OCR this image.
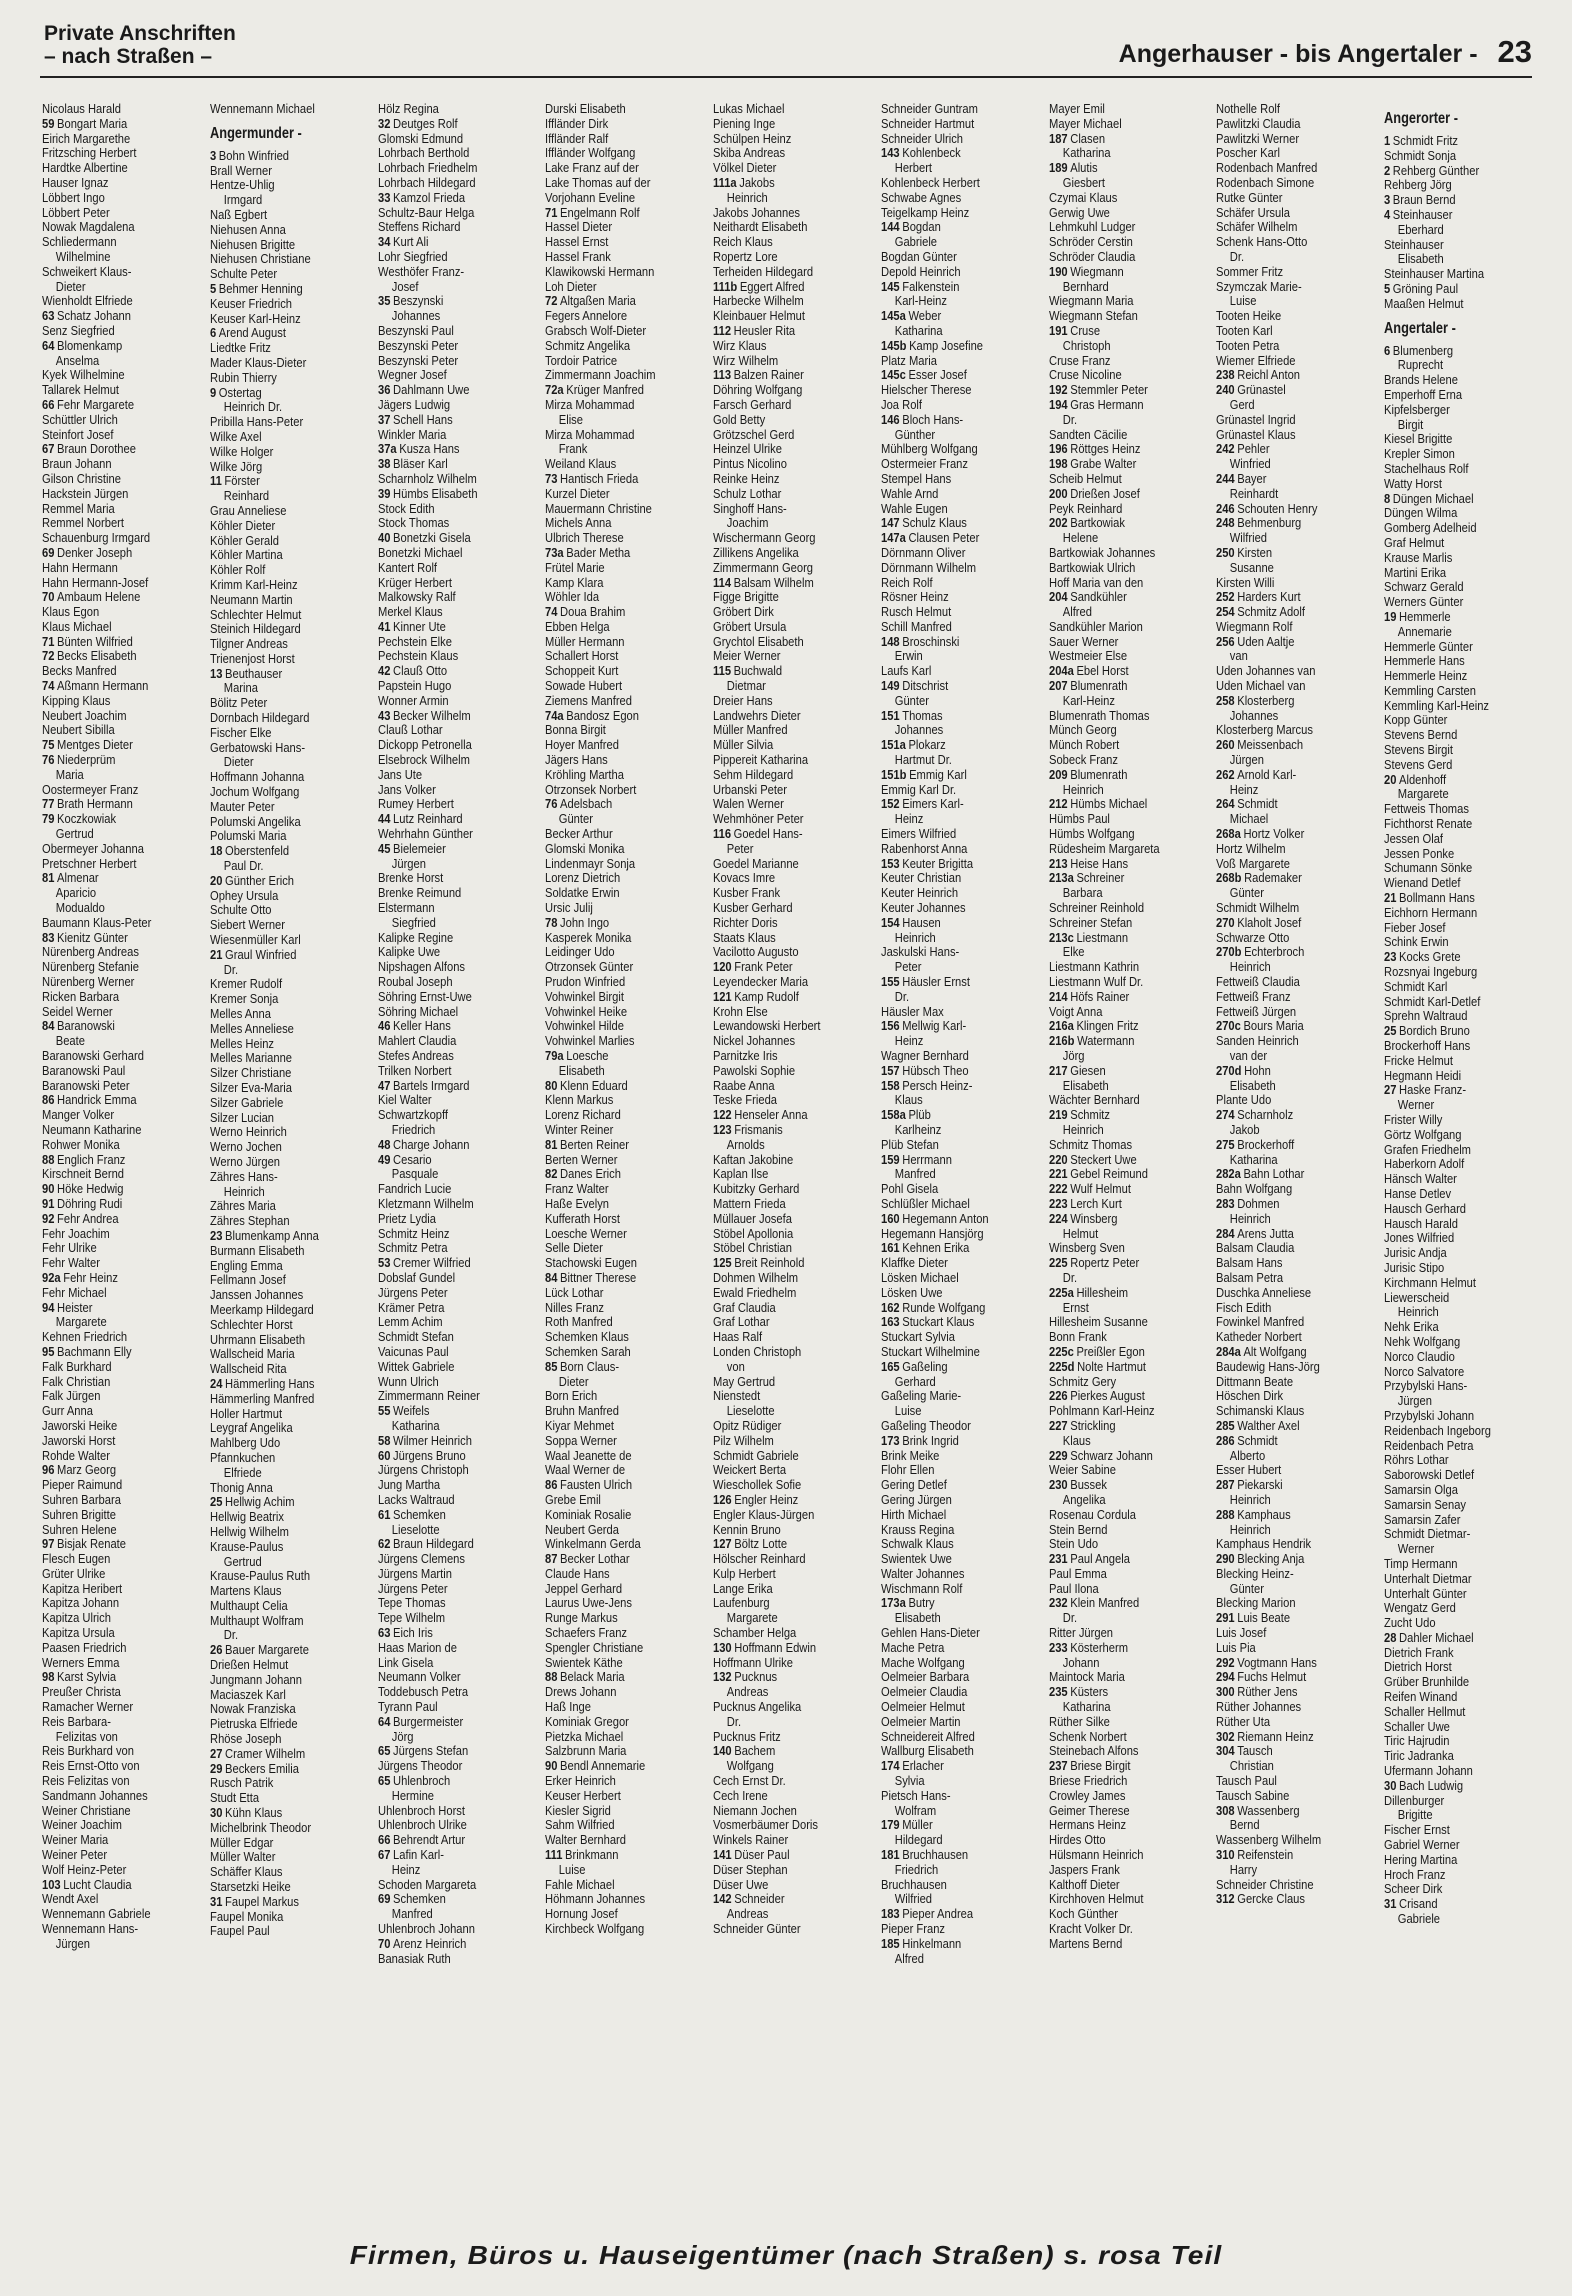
Private Anschriften
– nach Straßen –	Angerhauser - bis Angertaler - 23
Nicolaus Harald
59 Bongart Maria
Eirich Margarethe
Fritzsching Herbert
Hardtke Albertine
Hauser Ignaz
Löbbert Ingo
Löbbert Peter
Nowak Magdalena
Schliedermann
Wilhelmine
Schweikert Klaus-
Dieter
Wienholdt Elfriede
63 Schatz Johann
Senz Siegfried
64 Blomenkamp
Anselma
Kyek Wilhelmine
Tallarek Helmut
66 Fehr Margarete
Schüttler Ulrich
Steinfort Josef
67 Braun Dorothee
Braun Johann
Gilson Christine
Hackstein Jürgen
Remmel Maria
Remmel Norbert
Schauenburg Irmgard
69 Denker Joseph
Hahn Hermann
Hahn Hermann-Josef
70 Ambaum Helene
Klaus Egon
Klaus Michael
71 Bünten Wilfried
72 Becks Elisabeth
Becks Manfred
74 Aßmann Hermann
Kipping Klaus
Neubert Joachim
Neubert Sibilla
75 Mentges Dieter
76 Niederprüm
Maria
Oostermeyer Franz
77 Brath Hermann
79 Koczkowiak
Gertrud
Obermeyer Johanna
Pretschner Herbert
81 Almenar
Aparicio
Modualdo
Baumann Klaus-Peter
83 Kienitz Günter
Nürenberg Andreas
Nürenberg Stefanie
Nürenberg Werner
Ricken Barbara
Seidel Werner
84 Baranowski
Beate
Baranowski Gerhard
Baranowski Paul
Baranowski Peter
86 Handrick Emma
Manger Volker
Neumann Katharine
Rohwer Monika
88 Englich Franz
Kirschneit Bernd
90 Höke Hedwig
91 Döhring Rudi
92 Fehr Andrea
Fehr Joachim
Fehr Ulrike
Fehr Walter
92a Fehr Heinz
Fehr Michael
94 Heister
Margarete
Kehnen Friedrich
95 Bachmann Elly
Falk Burkhard
Falk Christian
Falk Jürgen
Gurr Anna
Jaworski Heike
Jaworski Horst
Rohde Walter
96 Marz Georg
Pieper Raimund
Suhren Barbara
Suhren Brigitte
Suhren Helene
97 Bisjak Renate
Flesch Eugen
Grüter Ulrike
Kapitza Heribert
Kapitza Johann
Kapitza Ulrich
Kapitza Ursula
Paasen Friedrich
Werners Emma
98 Karst Sylvia
Preußer Christa
Ramacher Werner
Reis Barbara-
Felizitas von
Reis Burkhard von
Reis Ernst-Otto von
Reis Felizitas von
Sandmann Johannes
Weiner Christiane
Weiner Joachim
Weiner Maria
Weiner Peter
Wolf Heinz-Peter
103 Lucht Claudia
Wendt Axel
Wennemann Gabriele
Wennemann Hans-
Jürgen
Wennemann Michael
Angermunder -
3 Bohn Winfried
Brall Werner
Hentze-Uhlig
Irmgard
Naß Egbert
Niehusen Anna
Niehusen Brigitte
Niehusen Christiane
Schulte Peter
5 Behmer Henning
Keuser Friedrich
Keuser Karl-Heinz
6 Arend August
Liedtke Fritz
Mader Klaus-Dieter
Rubin Thierry
9 Ostertag
Heinrich Dr.
Pribilla Hans-Peter
Wilke Axel
Wilke Holger
Wilke Jörg
11 Förster
Reinhard
Grau Anneliese
Köhler Dieter
Köhler Gerald
Köhler Martina
Köhler Rolf
Krimm Karl-Heinz
Neumann Martin
Schlechter Helmut
Steinich Hildegard
Tilgner Andreas
Trienenjost Horst
13 Beuthauser
Marina
Bölitz Peter
Dornbach Hildegard
Fischer Elke
Gerbatowski Hans-
Dieter
Hoffmann Johanna
Jochum Wolfgang
Mauter Peter
Polumski Angelika
Polumski Maria
18 Oberstenfeld
Paul Dr.
20 Günther Erich
Ophey Ursula
Schulte Otto
Siebert Werner
Wiesenmüller Karl
21 Graul Winfried
Dr.
Kremer Rudolf
Kremer Sonja
Melles Anna
Melles Anneliese
Melles Heinz
Melles Marianne
Silzer Christiane
Silzer Eva-Maria
Silzer Gabriele
Silzer Lucian
Werno Heinrich
Werno Jochen
Werno Jürgen
Zähres Hans-
Heinrich
Zähres Maria
Zähres Stephan
23 Blumenkamp Anna
Burmann Elisabeth
Engling Emma
Fellmann Josef
Janssen Johannes
Meerkamp Hildegard
Schlechter Horst
Uhrmann Elisabeth
Wallscheid Maria
Wallscheid Rita
24 Hämmerling Hans
Hämmerling Manfred
Holler Hartmut
Leygraf Angelika
Mahlberg Udo
Pfannkuchen
Elfriede
Thonig Anna
25 Hellwig Achim
Hellwig Beatrix
Hellwig Wilhelm
Krause-Paulus
Gertrud
Krause-Paulus Ruth
Martens Klaus
Multhaupt Celia
Multhaupt Wolfram
Dr.
26 Bauer Margarete
Drießen Helmut
Jungmann Johann
Maciaszek Karl
Nowak Franziska
Pietruska Elfriede
Rhöse Joseph
27 Cramer Wilhelm
29 Beckers Emilia
Rusch Patrik
Studt Etta
30 Kühn Klaus
Michelbrink Theodor
Müller Edgar
Müller Walter
Schäffer Klaus
Starsetzki Heike
31 Faupel Markus
Faupel Monika
Faupel Paul
Hölz Regina
32 Deutges Rolf
Glomski Edmund
Lohrbach Berthold
Lohrbach Friedhelm
Lohrbach Hildegard
33 Kamzol Frieda
Schultz-Baur Helga
Steffens Richard
34 Kurt Ali
Lohr Siegfried
Westhöfer Franz-
Josef
35 Beszynski
Johannes
Beszynski Paul
Beszynski Peter
Beszynski Peter
Wegner Josef
36 Dahlmann Uwe
Jägers Ludwig
37 Schell Hans
Winkler Maria
37a Kusza Hans
38 Bläser Karl
Scharnholz Wilhelm
39 Hümbs Elisabeth
Stock Edith
Stock Thomas
40 Bonetzki Gisela
Bonetzki Michael
Kantert Rolf
Krüger Herbert
Malkowsky Ralf
Merkel Klaus
41 Kinner Ute
Pechstein Elke
Pechstein Klaus
42 Clauß Otto
Papstein Hugo
Wonner Armin
43 Becker Wilhelm
Clauß Lothar
Dickopp Petronella
Elsebrock Wilhelm
Jans Ute
Jans Volker
Rumey Herbert
44 Lutz Reinhard
Wehrhahn Günther
45 Bielemeier
Jürgen
Brenke Horst
Brenke Reimund
Elstermann
Siegfried
Kalipke Regine
Kalipke Uwe
Nipshagen Alfons
Roubal Joseph
Söhring Ernst-Uwe
Söhring Michael
46 Keller Hans
Mahlert Claudia
Stefes Andreas
Trilken Norbert
47 Bartels Irmgard
Kiel Walter
Schwartzkopff
Friedrich
48 Charge Johann
49 Cesario
Pasquale
Fandrich Lucie
Kletzmann Wilhelm
Prietz Lydia
Schmitz Heinz
Schmitz Petra
53 Cremer Wilfried
Dobslaf Gundel
Jürgens Peter
Krämer Petra
Lemm Achim
Schmidt Stefan
Vaicunas Paul
Wittek Gabriele
Wunn Ulrich
Zimmermann Reiner
55 Weifels
Katharina
58 Wilmer Heinrich
60 Jürgens Bruno
Jürgens Christoph
Jung Martha
Lacks Waltraud
61 Schemken
Lieselotte
62 Braun Hildegard
Jürgens Clemens
Jürgens Martin
Jürgens Peter
Tepe Thomas
Tepe Wilhelm
63 Eich Iris
Haas Marion de
Link Gisela
Neumann Volker
Toddebusch Petra
Tyrann Paul
64 Burgermeister
Jörg
65 Jürgens Stefan
Jürgens Theodor
65 Uhlenbroch
Hermine
Uhlenbroch Horst
Uhlenbroch Ulrike
66 Behrendt Artur
67 Lafin Karl-
Heinz
Schoden Margareta
69 Schemken
Manfred
Uhlenbroch Johann
70 Arenz Heinrich
Banasiak Ruth
Durski Elisabeth
Iffländer Dirk
Iffländer Ralf
Iffländer Wolfgang
Lake Franz auf der
Lake Thomas auf der
Vorjohann Eveline
71 Engelmann Rolf
Hassel Dieter
Hassel Ernst
Hassel Frank
Klawikowski Hermann
Loh Dieter
72 Altgaßen Maria
Fegers Annelore
Grabsch Wolf-Dieter
Schmitz Angelika
Tordoir Patrice
Zimmermann Joachim
72a Krüger Manfred
Mirza Mohammad
Elise
Mirza Mohammad
Frank
Weiland Klaus
73 Hantisch Frieda
Kurzel Dieter
Mauermann Christine
Michels Anna
Ulbrich Therese
73a Bader Metha
Frütel Marie
Kamp Klara
Wöhler Ida
74 Doua Brahim
Ebben Helga
Müller Hermann
Schallert Horst
Schoppeit Kurt
Sowade Hubert
Ziemens Manfred
74a Bandosz Egon
Bonna Birgit
Hoyer Manfred
Jägers Hans
Kröhling Martha
Otrzonsek Norbert
76 Adelsbach
Günter
Becker Arthur
Glomski Monika
Lindenmayr Sonja
Lorenz Dietrich
Soldatke Erwin
Ursic Julij
78 John Ingo
Kasperek Monika
Leidinger Udo
Otrzonsek Günter
Prudon Winfried
Vohwinkel Birgit
Vohwinkel Heike
Vohwinkel Hilde
Vohwinkel Marlies
79a Loesche
Elisabeth
80 Klenn Eduard
Klenn Markus
Lorenz Richard
Winter Reiner
81 Berten Reiner
Berten Werner
82 Danes Erich
Franz Walter
Haße Evelyn
Kufferath Horst
Loesche Werner
Selle Dieter
Stachowski Eugen
84 Bittner Therese
Lück Lothar
Nilles Franz
Roth Manfred
Schemken Klaus
Schemken Sarah
85 Born Claus-
Dieter
Born Erich
Bruhn Manfred
Kiyar Mehmet
Soppa Werner
Waal Jeanette de
Waal Werner de
86 Fausten Ulrich
Grebe Emil
Kominiak Rosalie
Neubert Gerda
Winkelmann Gerda
87 Becker Lothar
Claude Hans
Jeppel Gerhard
Laurus Uwe-Jens
Runge Markus
Schaefers Franz
Spengler Christiane
Swientek Käthe
88 Belack Maria
Drews Johann
Haß Inge
Kominiak Gregor
Pietzka Michael
Salzbrunn Maria
90 Bendl Annemarie
Erker Heinrich
Keuser Herbert
Kiesler Sigrid
Sahm Wilfried
Walter Bernhard
111 Brinkmann
Luise
Fahle Michael
Höhmann Johannes
Hornung Josef
Kirchbeck Wolfgang
Lukas Michael
Piening Inge
Schülpen Heinz
Skiba Andreas
Völkel Dieter
111a Jakobs
Heinrich
Jakobs Johannes
Neithardt Elisabeth
Reich Klaus
Ropertz Lore
Terheiden Hildegard
111b Eggert Alfred
Harbecke Wilhelm
Kleinbauer Helmut
112 Heusler Rita
Wirz Klaus
Wirz Wilhelm
113 Balzen Rainer
Döhring Wolfgang
Farsch Gerhard
Gold Betty
Grötzschel Gerd
Heinzel Ulrike
Pintus Nicolino
Reinke Heinz
Schulz Lothar
Singhoff Hans-
Joachim
Wischermann Georg
Zillikens Angelika
Zimmermann Georg
114 Balsam Wilhelm
Figge Brigitte
Gröbert Dirk
Gröbert Ursula
Grychtol Elisabeth
Meier Werner
115 Buchwald
Dietmar
Dreier Hans
Landwehrs Dieter
Müller Manfred
Müller Silvia
Pippereit Katharina
Sehm Hildegard
Urbanski Peter
Walen Werner
Wehmhöner Peter
116 Goedel Hans-
Peter
Goedel Marianne
Kovacs Imre
Kusber Frank
Kusber Gerhard
Richter Doris
Staats Klaus
Vacilotto Augusto
120 Frank Peter
Leyendecker Maria
121 Kamp Rudolf
Krohn Else
Lewandowski Herbert
Nickel Johannes
Parnitzke Iris
Pawolski Sophie
Raabe Anna
Teske Frieda
122 Henseler Anna
123 Frismanis
Arnolds
Kaftan Jakobine
Kaplan Ilse
Kubitzky Gerhard
Mattern Frieda
Müllauer Josefa
Stöbel Apollonia
Stöbel Christian
125 Breit Reinhold
Dohmen Wilhelm
Ewald Friedhelm
Graf Claudia
Graf Lothar
Haas Ralf
Londen Christoph
von
May Gertrud
Nienstedt
Lieselotte
Opitz Rüdiger
Pilz Wilhelm
Schmidt Gabriele
Weickert Berta
Wieschollek Sofie
126 Engler Heinz
Engler Klaus-Jürgen
Kennin Bruno
127 Böltz Lotte
Hölscher Reinhard
Kulp Herbert
Lange Erika
Laufenburg
Margarete
Schamber Helga
130 Hoffmann Edwin
Hoffmann Ulrike
132 Pucknus
Andreas
Pucknus Angelika
Dr.
Pucknus Fritz
140 Bachem
Wolfgang
Cech Ernst Dr.
Cech Irene
Niemann Jochen
Vosmerbäumer Doris
Winkels Rainer
141 Düser Paul
Düser Stephan
Düser Uwe
142 Schneider
Andreas
Schneider Günter
Schneider Guntram
Schneider Hartmut
Schneider Ulrich
143 Kohlenbeck
Herbert
Kohlenbeck Herbert
Schwabe Agnes
Teigelkamp Heinz
144 Bogdan
Gabriele
Bogdan Günter
Depold Heinrich
145 Falkenstein
Karl-Heinz
145a Weber
Katharina
145b Kamp Josefine
Platz Maria
145c Esser Josef
Hielscher Therese
Joa Rolf
146 Bloch Hans-
Günther
Mühlberg Wolfgang
Ostermeier Franz
Stempel Hans
Wahle Arnd
Wahle Eugen
147 Schulz Klaus
147a Clausen Peter
Dörnmann Oliver
Dörnmann Wilhelm
Reich Rolf
Rösner Heinz
Rusch Helmut
Schill Manfred
148 Broschinski
Erwin
Laufs Karl
149 Ditschrist
Günter
151 Thomas
Johannes
151a Plokarz
Hartmut Dr.
151b Emmig Karl
Emmig Karl Dr.
152 Eimers Karl-
Heinz
Eimers Wilfried
Rabenhorst Anna
153 Keuter Brigitta
Keuter Christian
Keuter Heinrich
Keuter Johannes
154 Hausen
Heinrich
Jaskulski Hans-
Peter
155 Häusler Ernst
Dr.
Häusler Max
156 Mellwig Karl-
Heinz
Wagner Bernhard
157 Hübsch Theo
158 Persch Heinz-
Klaus
158a Plüb
Karlheinz
Plüb Stefan
159 Herrmann
Manfred
Pohl Gisela
Schlüßler Michael
160 Hegemann Anton
Hegemann Hansjörg
161 Kehnen Erika
Klaffke Dieter
Lösken Michael
Lösken Uwe
162 Runde Wolfgang
163 Stuckart Klaus
Stuckart Sylvia
Stuckart Wilhelmine
165 Gaßeling
Gerhard
Gaßeling Marie-
Luise
Gaßeling Theodor
173 Brink Ingrid
Brink Meike
Flohr Ellen
Gering Detlef
Gering Jürgen
Hirth Michael
Krauss Regina
Schwalk Klaus
Swientek Uwe
Walter Johannes
Wischmann Rolf
173a Butry
Elisabeth
Gehlen Hans-Dieter
Mache Petra
Mache Wolfgang
Oelmeier Barbara
Oelmeier Claudia
Oelmeier Helmut
Oelmeier Martin
Schneidereit Alfred
Wallburg Elisabeth
174 Erlacher
Sylvia
Pietsch Hans-
Wolfram
179 Müller
Hildegard
181 Bruchhausen
Friedrich
Bruchhausen
Wilfried
183 Pieper Andrea
Pieper Franz
185 Hinkelmann
Alfred
Mayer Emil
Mayer Michael
187 Clasen
Katharina
189 Alutis
Giesbert
Czymai Klaus
Gerwig Uwe
Lehmkuhl Ludger
Schröder Cerstin
Schröder Claudia
190 Wiegmann
Bernhard
Wiegmann Maria
Wiegmann Stefan
191 Cruse
Christoph
Cruse Franz
Cruse Nicoline
192 Stemmler Peter
194 Gras Hermann
Dr.
Sandten Cäcilie
196 Röttges Heinz
198 Grabe Walter
Scheib Helmut
200 Drießen Josef
Peyk Reinhard
202 Bartkowiak
Helene
Bartkowiak Johannes
Bartkowiak Ulrich
Hoff Maria van den
204 Sandkühler
Alfred
Sandkühler Marion
Sauer Werner
Westmeier Else
204a Ebel Horst
207 Blumenrath
Karl-Heinz
Blumenrath Thomas
Münch Georg
Münch Robert
Sobeck Franz
209 Blumenrath
Heinrich
212 Hümbs Michael
Hümbs Paul
Hümbs Wolfgang
Rüdesheim Margareta
213 Heise Hans
213a Schreiner
Barbara
Schreiner Reinhold
Schreiner Stefan
213c Liestmann
Elke
Liestmann Kathrin
Liestmann Wulf Dr.
214 Höfs Rainer
Voigt Anna
216a Klingen Fritz
216b Watermann
Jörg
217 Giesen
Elisabeth
Wächter Bernhard
219 Schmitz
Heinrich
Schmitz Thomas
220 Steckert Uwe
221 Gebel Reimund
222 Wulf Helmut
223 Lerch Kurt
224 Winsberg
Helmut
Winsberg Sven
225 Ropertz Peter
Dr.
225a Hillesheim
Ernst
Hillesheim Susanne
Bonn Frank
225c Preißler Egon
225d Nolte Hartmut
Schmitz Gery
226 Pierkes August
Pohlmann Karl-Heinz
227 Strickling
Klaus
229 Schwarz Johann
Weier Sabine
230 Bussek
Angelika
Rosenau Cordula
Stein Bernd
Stein Udo
231 Paul Angela
Paul Emma
Paul Ilona
232 Klein Manfred
Dr.
Ritter Jürgen
233 Kösterherm
Johann
Maintock Maria
235 Küsters
Katharina
Rüther Silke
Schenk Norbert
Steinebach Alfons
237 Briese Birgit
Briese Friedrich
Crowley James
Geimer Therese
Hermans Heinz
Hirdes Otto
Hülsmann Heinrich
Jaspers Frank
Kalthoff Dieter
Kirchhoven Helmut
Koch Günther
Kracht Volker Dr.
Martens Bernd
Nothelle Rolf
Pawlitzki Claudia
Pawlitzki Werner
Poscher Karl
Rodenbach Manfred
Rodenbach Simone
Rutke Günter
Schäfer Ursula
Schäfer Wilhelm
Schenk Hans-Otto
Dr.
Sommer Fritz
Szymczak Marie-
Luise
Tooten Heike
Tooten Karl
Tooten Petra
Wiemer Elfriede
238 Reichl Anton
240 Grünastel
Gerd
Grünastel Ingrid
Grünastel Klaus
242 Pehler
Winfried
244 Bayer
Reinhardt
246 Schouten Henry
248 Behmenburg
Wilfried
250 Kirsten
Susanne
Kirsten Willi
252 Harders Kurt
254 Schmitz Adolf
Wiegmann Rolf
256 Uden Aaltje
van
Uden Johannes van
Uden Michael van
258 Klosterberg
Johannes
Klosterberg Marcus
260 Meissenbach
Jürgen
262 Arnold Karl-
Heinz
264 Schmidt
Michael
268a Hortz Volker
Hortz Wilhelm
Voß Margarete
268b Rademaker
Günter
Schmidt Wilhelm
270 Klaholt Josef
Schwarze Otto
270b Echterbroch
Heinrich
Fettweiß Claudia
Fettweiß Franz
Fettweiß Jürgen
270c Bours Maria
Sanden Heinrich
van der
270d Hohn
Elisabeth
Plante Udo
274 Scharnholz
Jakob
275 Brockerhoff
Katharina
282a Bahn Lothar
Bahn Wolfgang
283 Dohmen
Heinrich
284 Arens Jutta
Balsam Claudia
Balsam Hans
Balsam Petra
Duschka Anneliese
Fisch Edith
Fowinkel Manfred
Katheder Norbert
284a Alt Wolfgang
Baudewig Hans-Jörg
Dittmann Beate
Höschen Dirk
Schimanski Klaus
285 Walther Axel
286 Schmidt
Alberto
Esser Hubert
287 Piekarski
Heinrich
288 Kamphaus
Heinrich
Kamphaus Hendrik
290 Blecking Anja
Blecking Heinz-
Günter
Blecking Marion
291 Luis Beate
Luis Josef
Luis Pia
292 Vogtmann Hans
294 Fuchs Helmut
300 Rüther Jens
Rüther Johannes
Rüther Uta
302 Riemann Heinz
304 Tausch
Christian
Tausch Paul
Tausch Sabine
308 Wassenberg
Bernd
Wassenberg Wilhelm
310 Reifenstein
Harry
Schneider Christine
312 Gercke Claus
Angerorter -
1 Schmidt Fritz
Schmidt Sonja
2 Rehberg Günther
Rehberg Jörg
3 Braun Bernd
4 Steinhauser
Eberhard
Steinhauser
Elisabeth
Steinhauser Martina
5 Gröning Paul
Maaßen Helmut
Angertaler -
6 Blumenberg
Ruprecht
Brands Helene
Emperhoff Erna
Kipfelsberger
Birgit
Kiesel Brigitte
Krepler Simon
Stachelhaus Rolf
Watty Horst
8 Düngen Michael
Düngen Wilma
Gomberg Adelheid
Graf Helmut
Krause Marlis
Martini Erika
Schwarz Gerald
Werners Günter
19 Hemmerle
Annemarie
Hemmerle Günter
Hemmerle Hans
Hemmerle Heinz
Kemmling Carsten
Kemmling Karl-Heinz
Kopp Günter
Stevens Bernd
Stevens Birgit
Stevens Gerd
20 Aldenhoff
Margarete
Fettweis Thomas
Fichthorst Renate
Jessen Olaf
Jessen Ponke
Schumann Sönke
Wienand Detlef
21 Bollmann Hans
Eichhorn Hermann
Fieber Josef
Schink Erwin
23 Kocks Grete
Rozsnyai Ingeburg
Schmidt Karl
Schmidt Karl-Detlef
Sprehn Waltraud
25 Bordich Bruno
Brockerhoff Hans
Fricke Helmut
Hegmann Heidi
27 Haske Franz-
Werner
Frister Willy
Görtz Wolfgang
Grafen Friedhelm
Haberkorn Adolf
Hänsch Walter
Hanse Detlev
Hausch Gerhard
Hausch Harald
Jones Wilfried
Jurisic Andja
Jurisic Stipo
Kirchmann Helmut
Liewerscheid
Heinrich
Nehk Erika
Nehk Wolfgang
Norco Claudio
Norco Salvatore
Przybylski Hans-
Jürgen
Przybylski Johann
Reidenbach Ingeborg
Reidenbach Petra
Röhrs Lothar
Saborowski Detlef
Samarsin Olga
Samarsin Senay
Samarsin Zafer
Schmidt Dietmar-
Werner
Timp Hermann
Unterhalt Dietmar
Unterhalt Günter
Wengatz Gerd
Zucht Udo
28 Dahler Michael
Dietrich Frank
Dietrich Horst
Grüber Brunhilde
Reifen Winand
Schaller Hellmut
Schaller Uwe
Tiric Hajrudin
Tiric Jadranka
Ufermann Johann
30 Bach Ludwig
Dillenburger
Brigitte
Fischer Ernst
Gabriel Werner
Hering Martina
Hroch Franz
Scheer Dirk
31 Crisand
Gabriele
Firmen, Büros u. Hauseigentümer (nach Straßen) s. rosa Teil
